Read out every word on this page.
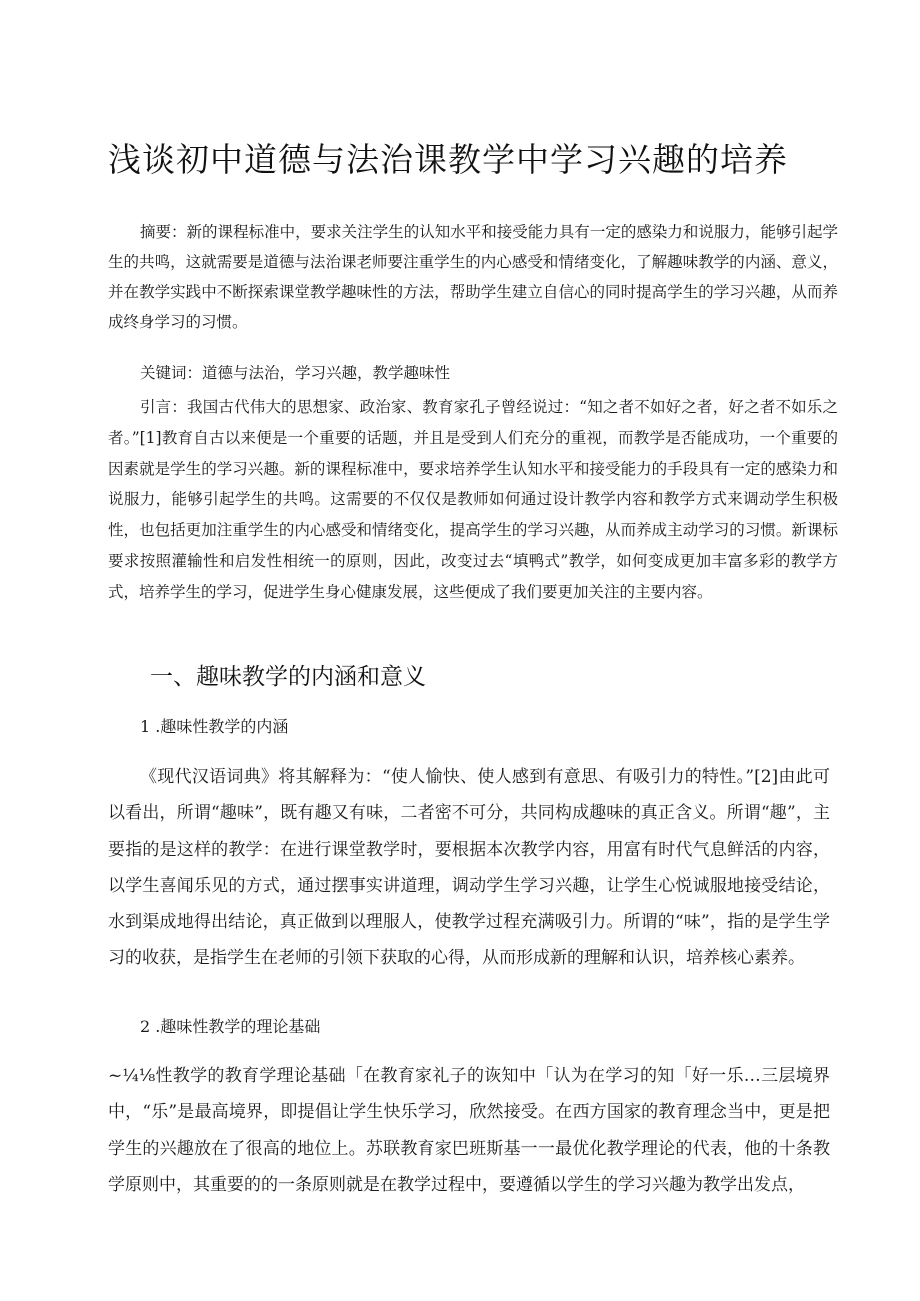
浅谈初中道德与法治课教学中学习兴趣的培养
摘要：新的课程标准中，要求关注学生的认知水平和接受能力具有一定的感染力和说服力，能够引起学生的共鸣，这就需要是道德与法治课老师要注重学生的内心感受和情绪变化，了解趣味教学的内涵、意义，并在教学实践中不断探索课堂教学趣味性的方法，帮助学生建立自信心的同时提高学生的学习兴趣，从而养成终身学习的习惯。
关键词：道德与法治，学习兴趣，教学趣味性
引言：我国古代伟大的思想家、政治家、教育家孔子曾经说过：“知之者不如好之者，好之者不如乐之者。”[1]教育自古以来便是一个重要的话题，并且是受到人们充分的重视，而教学是否能成功，一个重要的因素就是学生的学习兴趣。新的课程标准中，要求培养学生认知水平和接受能力的手段具有一定的感染力和说服力，能够引起学生的共鸣。这需要的不仅仅是教师如何通过设计教学内容和教学方式来调动学生积极性，也包括更加注重学生的内心感受和情绪变化，提高学生的学习兴趣，从而养成主动学习的习惯。新课标要求按照灌输性和启发性相统一的原则，因此，改变过去“填鸭式”教学，如何变成更加丰富多彩的教学方式，培养学生的学习，促进学生身心健康发展，这些便成了我们要更加关注的主要内容。
一、趣味教学的内涵和意义
1 .趣味性教学的内涵
《现代汉语词典》将其解释为：“使人愉快、使人感到有意思、有吸引力的特性。”[2]由此可以看出，所谓“趣味”，既有趣又有味，二者密不可分，共同构成趣味的真正含义。所谓“趣”，主要指的是这样的教学：在进行课堂教学时，要根据本次教学内容，用富有时代气息鲜活的内容，以学生喜闻乐见的方式，通过摆事实讲道理，调动学生学习兴趣，让学生心悦诚服地接受结论，水到渠成地得出结论，真正做到以理服人，使教学过程充满吸引力。所谓的“味”，指的是学生学习的收获，是指学生在老师的引领下获取的心得，从而形成新的理解和认识，培养核心素养。
2 .趣味性教学的理论基础
~¼⅛性教学的教育学理论基础「在教育家礼子的诙知中「认为在学习的知「好一乐…三层境界中，“乐”是最高境界，即提倡让学生快乐学习，欣然接受。在西方国家的教育理念当中，更是把学生的兴趣放在了很高的地位上。苏联教育家巴班斯基一一最优化教学理论的代表，他的十条教学原则中，其重要的的一条原则就是在教学过程中，要遵循以学生的学习兴趣为教学出发点，
